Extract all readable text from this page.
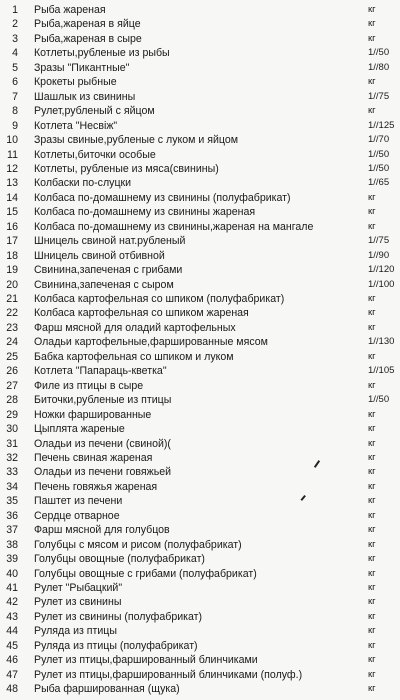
1 Рыба жареная	кг
2 Рыба,жареная в яйце	кг
3 Рыба,жареная в сыре	кг
4 Котлеты,рубленые из рыбы	1//50
5 Зразы "Пикантные"	1//80
6 Крокеты рыбные	кг
7 Шашлык из свинины	1//75
8 Рулет,рубленый с яйцом	кг
9 Котлета "Несвiж"	1//125
10 Зразы свиные,рубленые с луком и яйцом	1//70
11 Котлеты,биточки особые	1//50
12 Котлеты, рубленые из мяса(свинины)	1//50
13 Колбаски по-слуцки	1//65
14 Колбаса по-домашнему из свинины (полуфабрикат)	кг
15 Колбаса по-домашнему из свинины жареная	кг
16 Колбаса по-домашнему из свинины,жареная на мангале	кг
17 Шницель свиной нат.рубленый	1//75
18 Шницель свиной отбивной	1//90
19 Свинина,запеченая с грибами	1//120
20 Свинина,запеченая с сыром	1//100
21 Колбаса картофельная со шпиком (полуфабрикат)	кг
22 Колбаса картофельная со шпиком жареная	кг
23 Фарш мясной для оладий картофельных	кг
24 Оладьи картофельные,фаршированные мясом	1//130
25 Бабка картофельная со шпиком и луком	кг
26 Котлета "Папараць-кветка"	1//105
27 Филе из птицы в сыре	кг
28 Биточки,рубленые из птицы	1//50
29 Ножки фаршированные	кг
30 Цыплята жареные	кг
31 Оладьи из печени (свиной)(	кг
32 Печень свиная жареная	кг
33 Оладьи из печени говяжьей	кг
34 Печень говяжья жареная	кг
35 Паштет из печени	кг
36 Сердце отварное	кг
37 Фарш мясной для голубцов	кг
38 Голубцы с мясом и рисом (полуфабрикат)	кг
39 Голубцы овощные (полуфабрикат)	кг
40 Голубцы овощные с грибами (полуфабрикат)	кг
41 Рулет "Рыбацкий"	кг
42 Рулет из свинины	кг
43 Рулет из свинины (полуфабрикат)	кг
44 Руляда из птицы	кг
45 Руляда из птицы (полуфабрикат)	кг
46 Рулет из птицы,фаршированный блинчиками	кг
47 Рулет из птицы,фаршированный блинчиками (полуф.)	кг
48 Рыба фаршированная (щука)	кг
